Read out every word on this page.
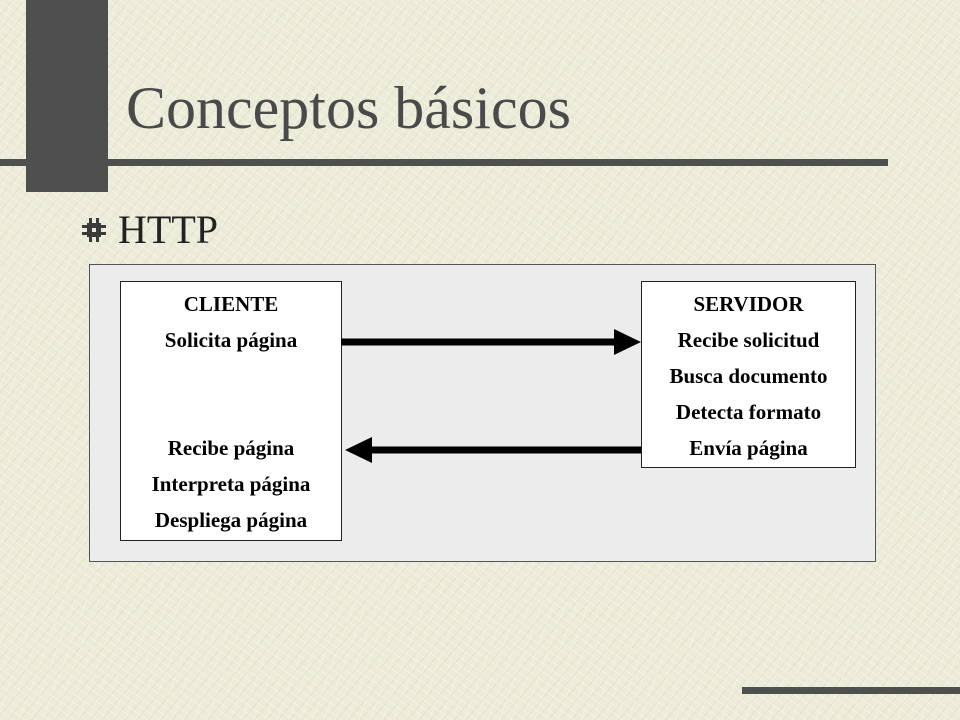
Conceptos básicos
HTTP
CLIENTE
Solicita página
Recibe página
Interpreta página
Despliega página
SERVIDOR
Recibe solicitud
Busca documento
Detecta formato
Envía página
